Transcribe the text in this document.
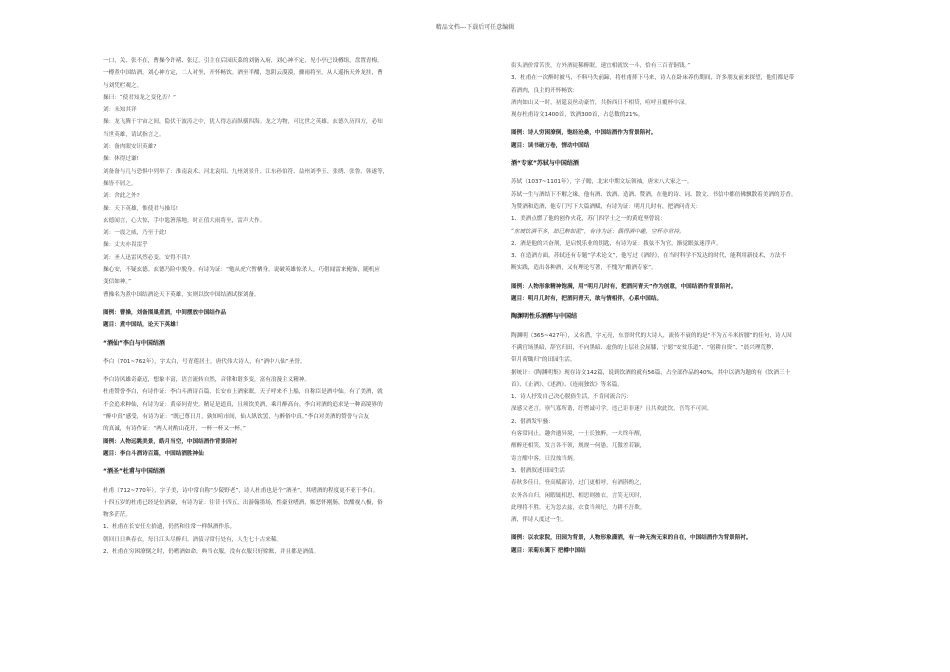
精品文档---下载后可任意编辑

一口，关、张不在，曹操今许褚、张辽，引主在后园庆菜的刘备入府，刘心神不定，见小亭已设樽组，盘置青梅。

一樽煮中国结酒，刘心神方定，二人对坐，开怀畅饮。酒至半酣，忽阴云漠漠，骤雨将至，从人遥指天外龙挂，曹

与刘凭栏观之。

操曰：“使君知龙之变化否？”

刘：未知其详

操：龙飞腾于宇宙之间，隐伏于波涛之中，犹人得志而纵横四海。龙之为物，可比世之英雄。玄德久历四方，必知

当世英雄，请试指言之。

刘：备肉眼安识英雄?

操：休得过谦!

刘备备与几与恐惧中列举了：淮南袁术、河北袁绍、九州刘景升、江东孙伯符、益州刘季玉、张绣、张鲁、韩遂等，

操皆不屑之。

刘：舍此之外?

操：天下英雄，惟使君与操耳!

玄德闻言，心大惊，手中匙箸落地。时正值大雨将至，雷声大作。

刘：一震之威，乃至于此!

操：丈夫亦畏雷乎

刘：圣人迅雷风烈必变，安得不畏?

操心安，不疑玄德。玄德乃险中脱身。有诗为证：“勉从虎穴暂栖身，说破英雄惊杀人。巧借闻雷来掩饰，随机应

变信如神。”

曹操名为煮中国结酒论天下英雄，实则以饮中国结酒试探刘备。

图例：曹操，刘备围巢煮酒，中间摆放中国结作品

题目：煮中国结，论天下英雄！

“酒仙”李白与中国结酒

李白（701~762年），字太白，号青莲居士，唐代伟大诗人，有“酒中八仙”圣誉。

李白诗风雄奇豪迈，想象丰富，语言流转自然，音律和谐多变，富有浪漫主义精神。

杜甫赞誉李白，有诗作证：李白斗酒诗百篇，长安市上酒家眠，天子呼来不上船，自称臣是酒中仙。有了美酒，就

不会追求种仙，有诗为证：黄帝问青史，精足是道真，且须饮美酒，乘月醉高台。李白对酒的追求是一种高境界的

“醉中真”感受，有诗为证：“既已尊日月，孰知喧市间，仙人纵饮罢，与醉俗中真。”李白对美酒的赞誉与合友

的真诚，有诗作证：“两人对酌山花开，一杯一杯又一杯。”

图例：人物远眺美景，皓月当空，中国结酒作背景陪衬

题目：李白斗酒诗百篇，中国结酒胜神仙

“酒圣”杜甫与中国结酒

杜甫（712~770年），字子美，诗中常自称“少陵野老”，诗人杜甫也是个“酒圣”，其嗜酒的程度更不亚于李白。

十四五岁的杜甫已经是位酒豪，有诗为证：往昔十四五，出游翰墨场，性豪业嗜酒，嫉恶怀刚肠，饮酣视八极，俗

物多茫茫。

1、杜甫在长安任左拾遗，仍然和往常一样纵酒作乐。

朝回日日典春衣，每日江头尽醉归。酒债寻常行处有，人生七十古来稀。

2、杜甫在穷困潦倒之时，仍嗜酒如命，典当衣服，没有衣服只好赊账，并且都是酒债。

街头酒价常苦贵，方外酒徒稀醉眠。速宜相就饮一斗，恰有三百青铜钱。”

3、杜甫在一次醉时被马，不料马失前蹄，将杜甫摔下马来，诗人在卧床养伤期间，许多朋友前来探望，他们都是带

着酒肉，良主的开怀畅饮：

酒肉如山又一时，初筵哀丝动豪竹，共指西日不相贷，喧呼且覆杯中渌。

现存杜甫诗文1400首，饮酒300首，占总数的21%。

图例：诗人穷困潦倒，饱经沧桑，中国结酒作为背景陪衬。

题目：读书破万卷，情动中国结

酒“专家”苏轼与中国结酒

苏轼（1037~1101年），字子瞻，北宋中期文坛领袖，唐宋八大家之一。

苏轼一生与酒结下不解之缘，他有酒、饮酒、造酒、赞酒，在他的诗、词、散文、书信中都倍佛飘散着美酒的芳香。

为赞酒和造酒，他专门写下大篇酒赋，有诗为证：明月几时有，把酒问青天：

1、美酒点燃了他的创作火花，苏门四学士之一的黄庭坚曾说：

“东坡饮酒不多，却已醉如泥”，有诗为证：偶得酒中趣，空杯亦常持。

2、酒是他的兴奋剂，是启悦乐业的钥匙，有诗为证：拨弦不为官，渐觉眠弦迷浮声。

3、在造酒方面，苏轼还有专题“学术论文”，他写过《酒经》，在当时科学不发达的时代，能利用新技术，方法不

断实践，造出各种酒，又有理论写著，不愧为“酿酒专家”。

图例：人物形象精神饱满，用“明月几时有，把酒问青天”作为创意，中国结酒作背景陪衬。

题目：明月几时有，把酒问青天，欲与情相伴，心系中国结。

陶渊明性乐酒醉与中国结

陶渊明（365~427年），又名潜，字元亮，东晋时代的大诗人，流传不衰的的是“不为五斗米折腰”的佳句，诗人因

不满官场黑暗，辞官归田，不向黑暗、虚伪的上层社会屈膝，宁愿“安贫乐道”、“躬耕自资”、“晨兴理荒秽，

带月荷锄归”的田园生活。

据统计：《陶渊明集》现存诗文142篇，说到饮酒的就有56篇，占全部作品的40%，其中以酒为题的有《饮酒三十

首》、《止酒》、《述酒》、《连雨独饮》等名篇。

1、诗人抒发自己决心脱俗生活，不肯同流合污：

深感父老言，禀气寡所谐，纡辔诚可学，违己讵非迷？且共欢此饮，吾驾不可回。

2、借酒发牢骚：

有客常同止，趣舍邈异境，一士长独醉，一夫终年醒，

醒醉还相笑，发言各不领，规规一何愚，兀傲差若颖，

寄言酣中客，日没烛当炳。

3、借酒叙述田园生活

春秋多佳日，登高赋新诗，过门更相呼，有酒斟酌之，

农务各自归，闲暇辄相思，相思则披衣，言笑无厌时，

此理将不胜，无为忽去兹，衣食当须纪，力耕不吾欺。

酒，伴诗人度过一生。

图例：以农家院，田园为背景，人物形象潇洒，有一种无拘无束的自在，中国结酒作为背景陪衬。

题目：采菊东篱下 把樽中国结
